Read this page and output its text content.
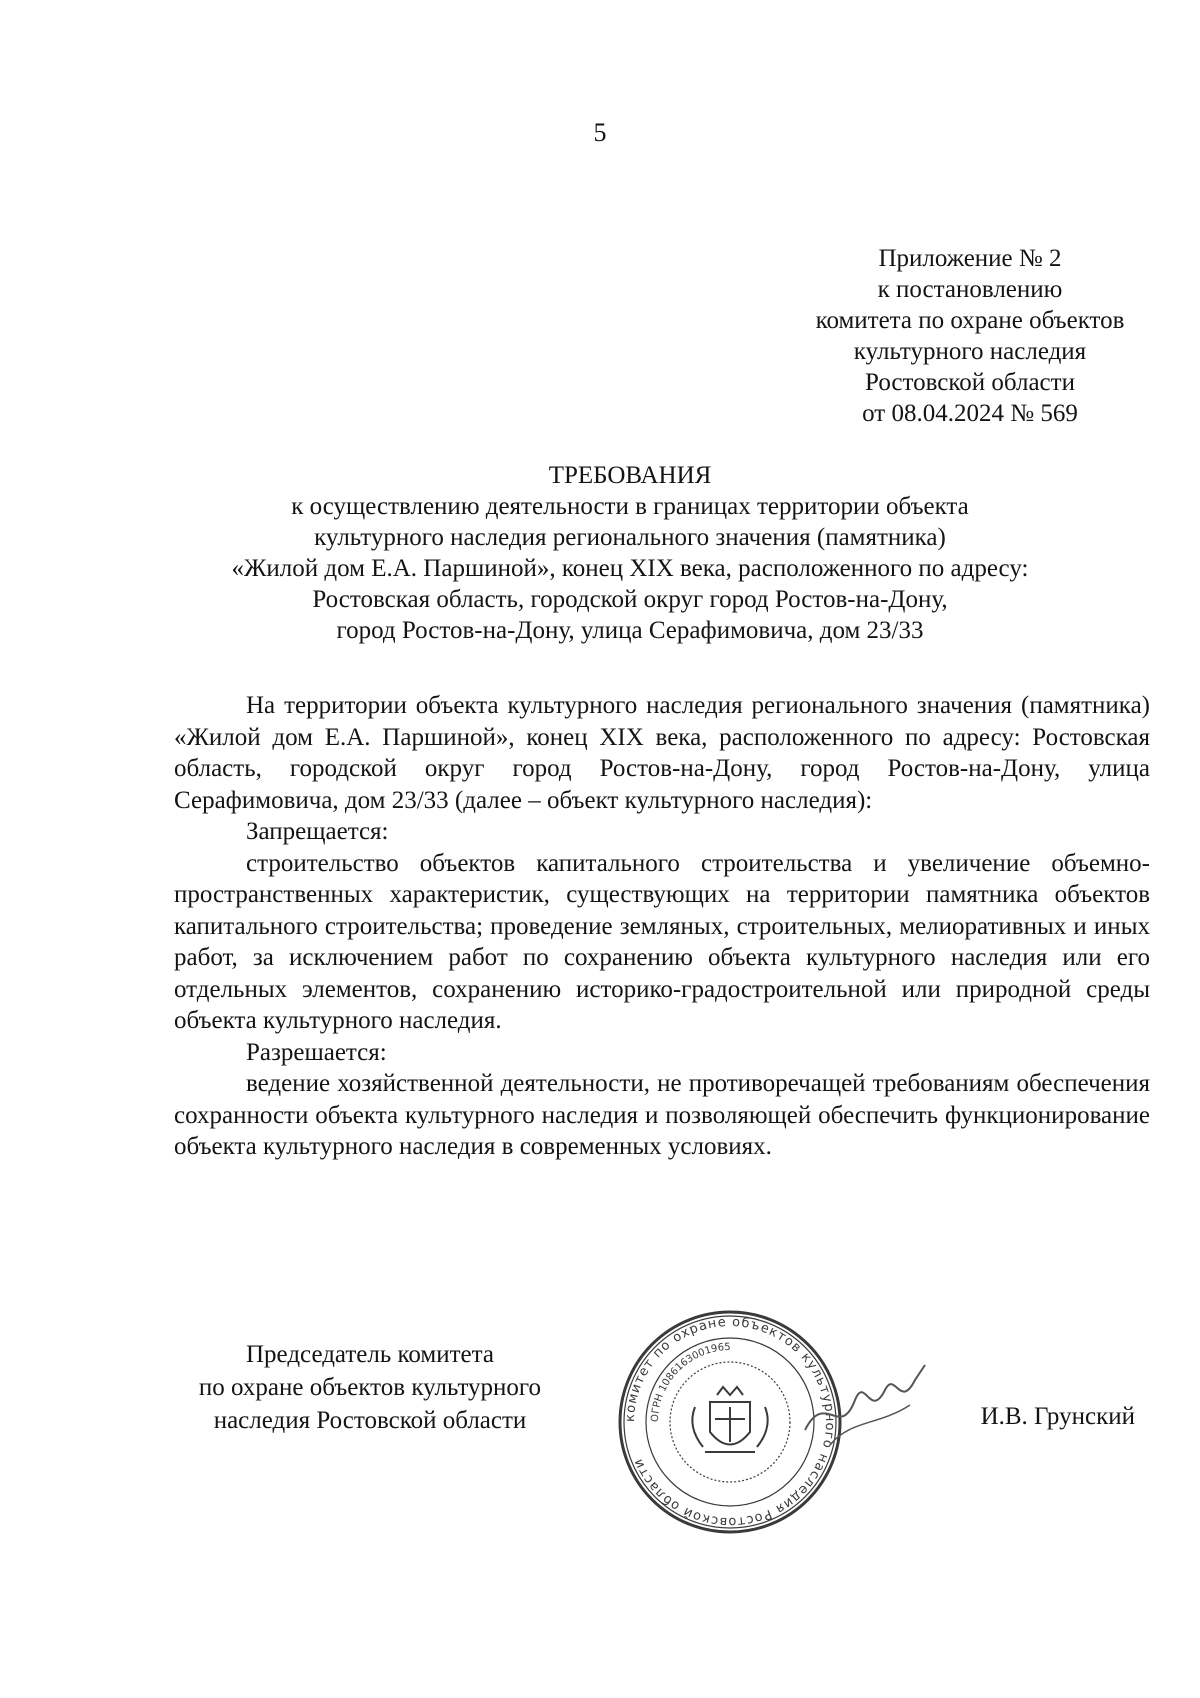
5
Приложение № 2
к постановлению
комитета по охране объектов
культурного наследия
Ростовской области
от 08.04.2024 № 569
ТРЕБОВАНИЯ
к осуществлению деятельности в границах территории объекта
культурного наследия регионального значения (памятника)
«Жилой дом Е.А. Паршиной», конец XIX века, расположенного по адресу:
Ростовская область, городской округ город Ростов-на-Дону,
город Ростов-на-Дону, улица Серафимовича, дом 23/33

На территории объекта культурного наследия регионального значения (памятника) «Жилой дом Е.А. Паршиной», конец XIX века, расположенного по адресу: Ростовская область, городской округ город Ростов-на-Дону, город Ростов-на-Дону, улица Серафимовича, дом 23/33 (далее – объект культурного наследия):

Запрещается:

строительство объектов капитального строительства и увеличение объемно-пространственных характеристик, существующих на территории памятника объектов капитального строительства; проведение земляных, строительных, мелиоративных и иных работ, за исключением работ по сохранению объекта культурного наследия или его отдельных элементов, сохранению историко-градостроительной или природной среды объекта культурного наследия.

Разрешается:

ведение хозяйственной деятельности, не противоречащей требованиям обеспечения сохранности объекта культурного наследия и позволяющей обеспечить функционирование объекта культурного наследия в современных условиях.

Председатель комитета
по охране объектов культурного
наследия Ростовской области	комитет по охране объектов культурного наследия Ростовской области
ОГРН 1086163001965
И.В. Грунский
